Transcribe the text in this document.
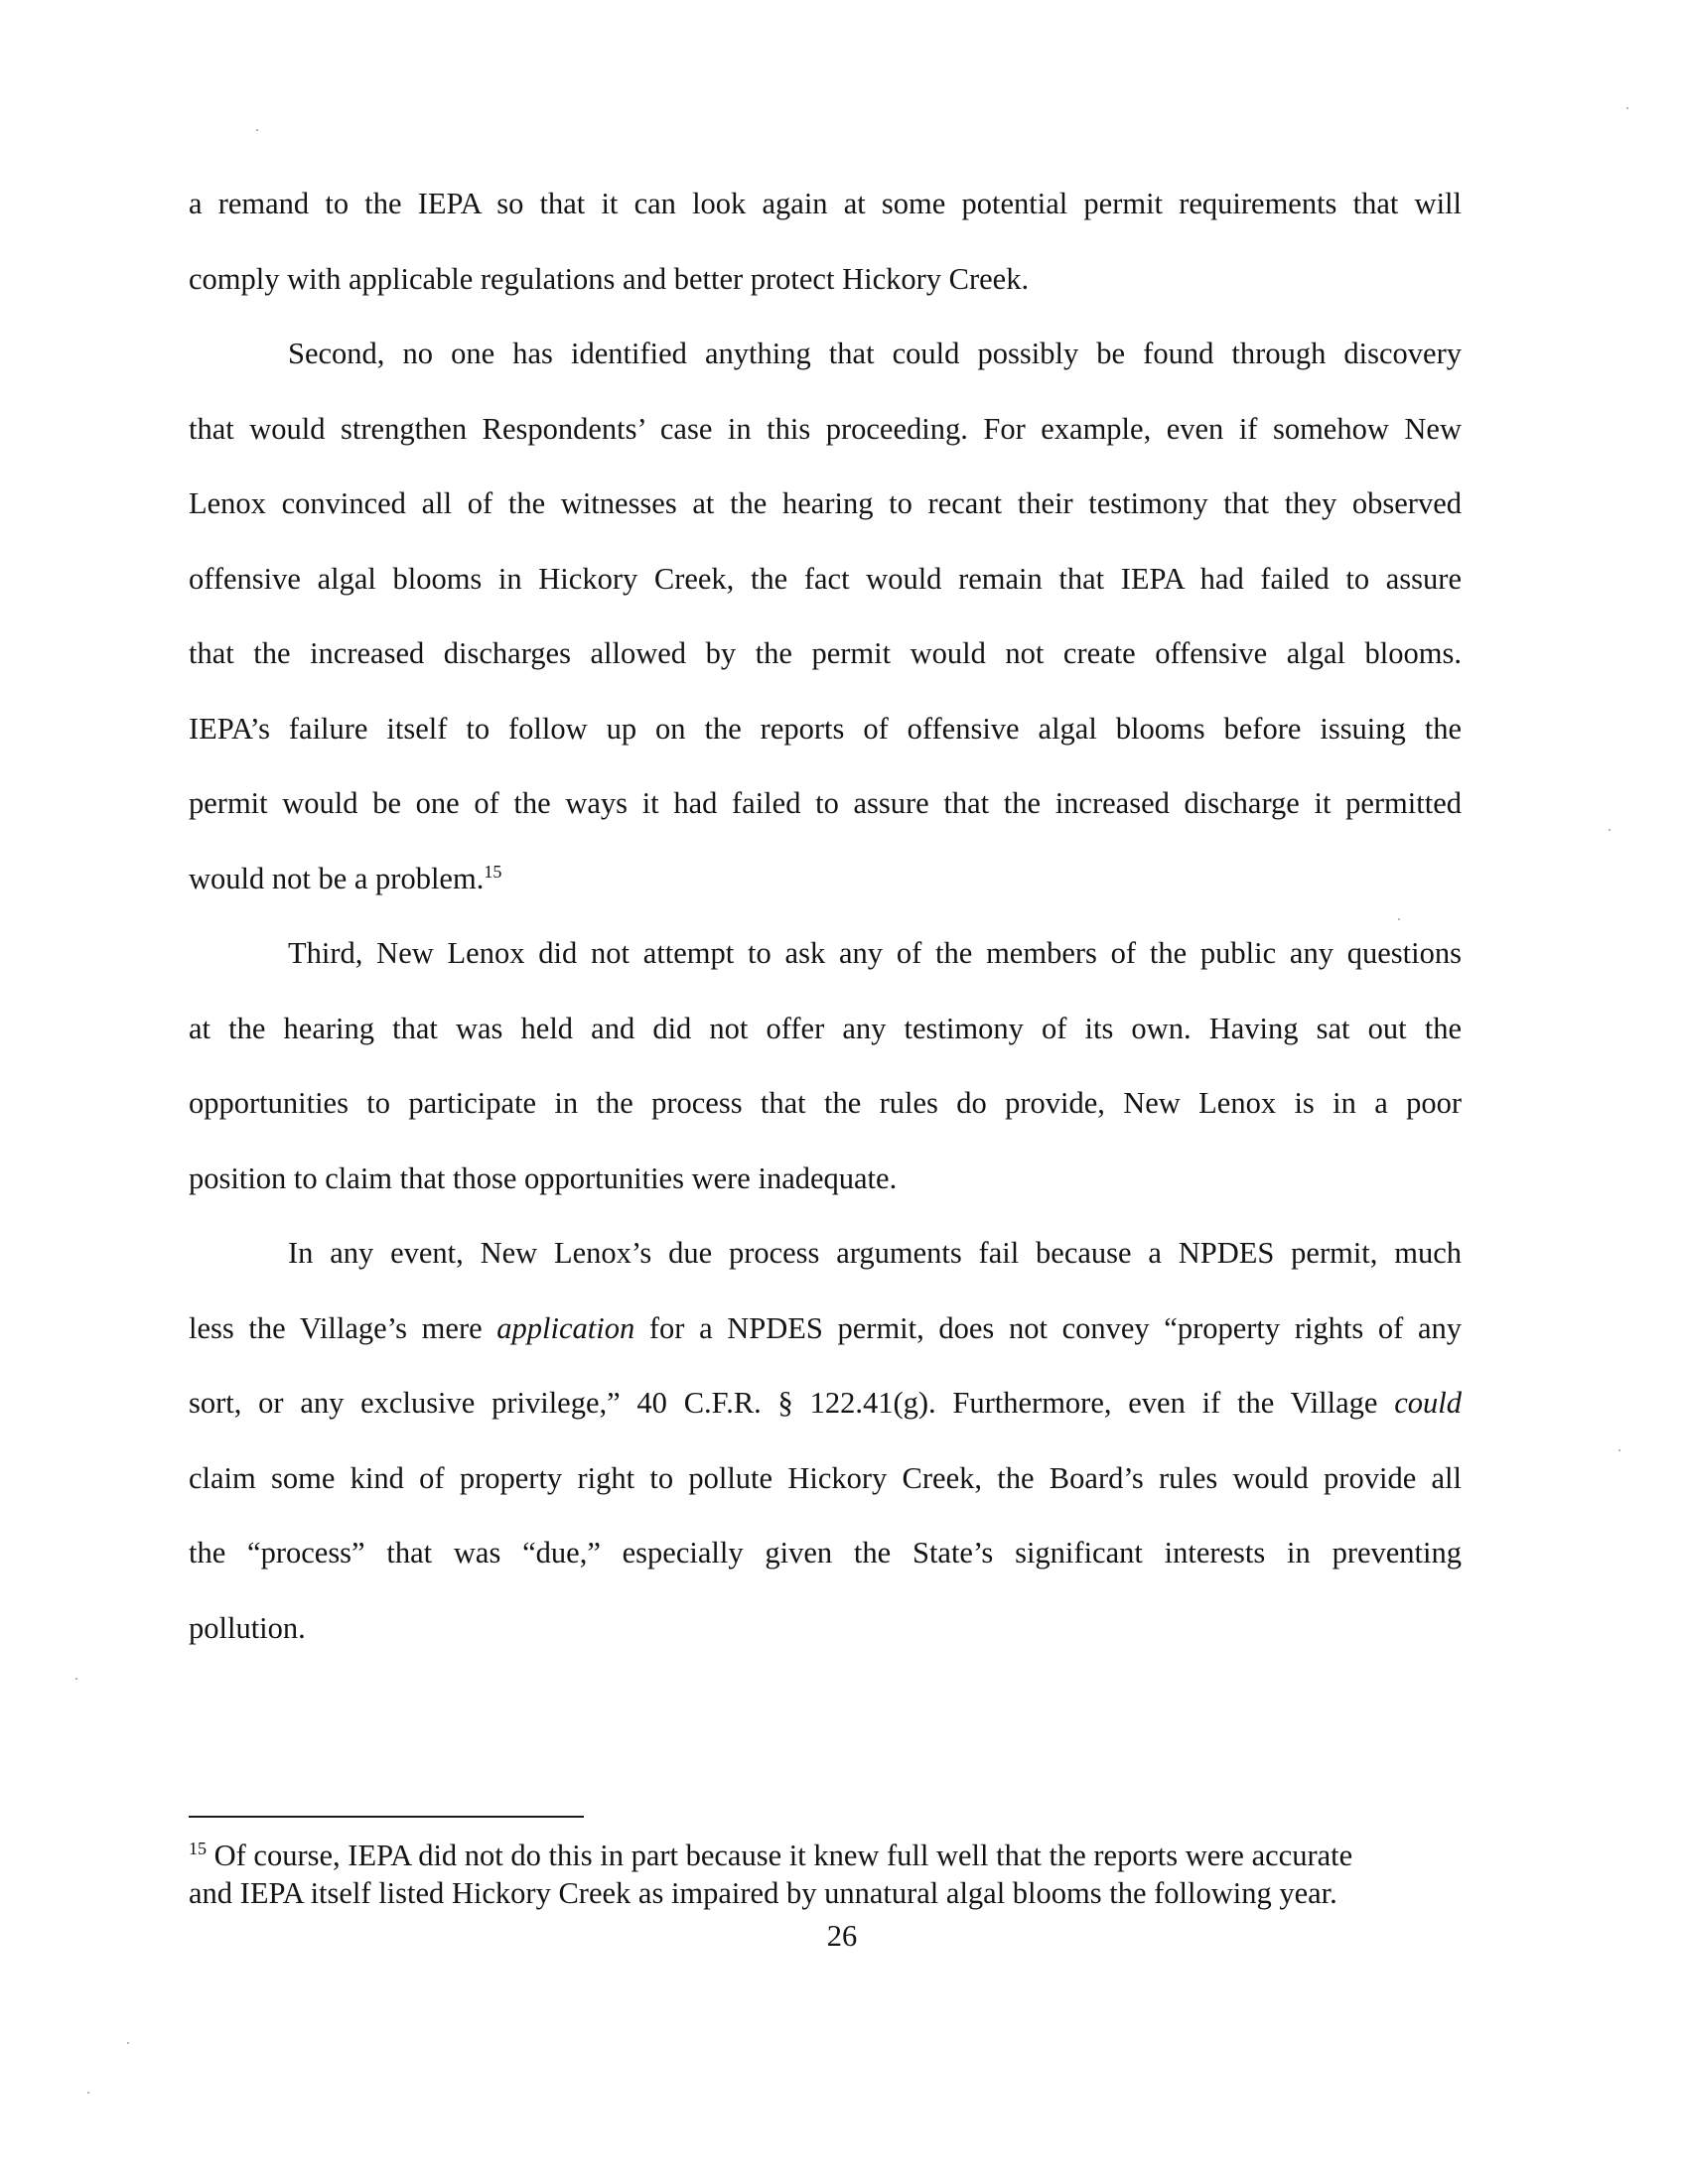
a remand to the IEPA so that it can look again at some potential permit requirements that will
comply with applicable regulations and better protect Hickory Creek.

Second, no one has identified anything that could possibly be found through discovery
that would strengthen Respondents’ case in this proceeding. For example, even if somehow New
Lenox convinced all of the witnesses at the hearing to recant their testimony that they observed
offensive algal blooms in Hickory Creek, the fact would remain that IEPA had failed to assure
that the increased discharges allowed by the permit would not create offensive algal blooms.
IEPA’s failure itself to follow up on the reports of offensive algal blooms before issuing the
permit would be one of the ways it had failed to assure that the increased discharge it permitted
would not be a problem.$^{15}$

Third, New Lenox did not attempt to ask any of the members of the public any questions
at the hearing that was held and did not offer any testimony of its own. Having sat out the
opportunities to participate in the process that the rules do provide, New Lenox is in a poor
position to claim that those opportunities were inadequate.

In any event, New Lenox’s due process arguments fail because a NPDES permit, much
less the Village’s mere application for a NPDES permit, does not convey “property rights of any
sort, or any exclusive privilege,” 40 C.F.R. § 122.41(g). Furthermore, even if the Village could
claim some kind of property right to pollute Hickory Creek, the Board’s rules would provide all
the “process” that was “due,” especially given the State’s significant interests in preventing
pollution.

$^{15}$ Of course, IEPA did not do this in part because it knew full well that the reports were accurate
and IEPA itself listed Hickory Creek as impaired by unnatural algal blooms the following year.
26
